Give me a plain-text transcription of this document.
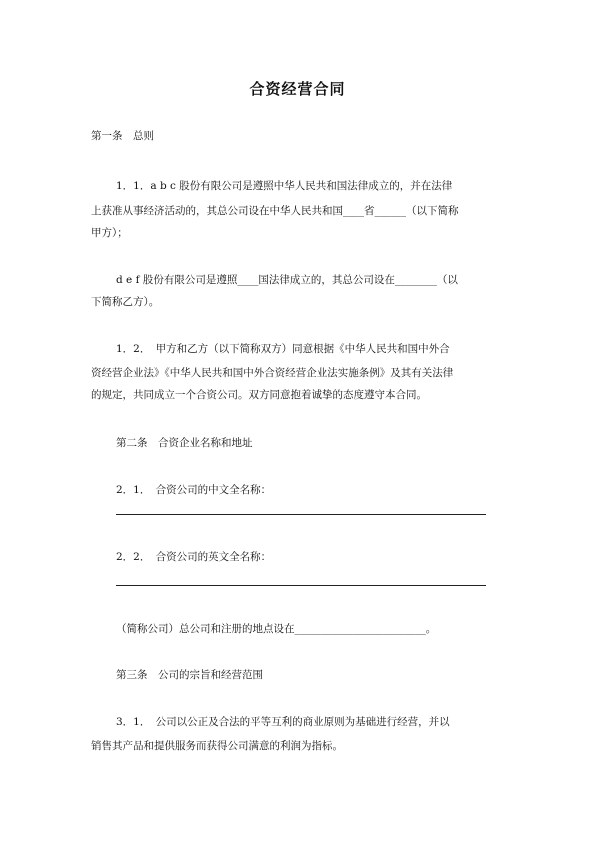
合资经营合同
第一条　总则
1．1．a b c 股份有限公司是遵照中华人民共和国法律成立的，并在法律
上获准从事经济活动的，其总公司设在中华人民共和国____省______（以下简称
甲方）；
d e f 股份有限公司是遵照____国法律成立的，其总公司设在________（以
下简称乙方）。
1．2．　甲方和乙方（以下简称双方）同意根据《中华人民共和国中外合
资经营企业法》《中华人民共和国中外合资经营企业法实施条例》及其有关法律
的规定，共同成立一个合资公司。双方同意抱着诚挚的态度遵守本合同。
第二条　合资企业名称和地址
2．1．　合资公司的中文全名称：
2．2．　合资公司的英文全名称：
（简称公司）总公司和注册的地点设在_________________________。
第三条　公司的宗旨和经营范围
3．1．　公司以公正及合法的平等互利的商业原则为基础进行经营，并以
销售其产品和提供服务而获得公司满意的利润为指标。
